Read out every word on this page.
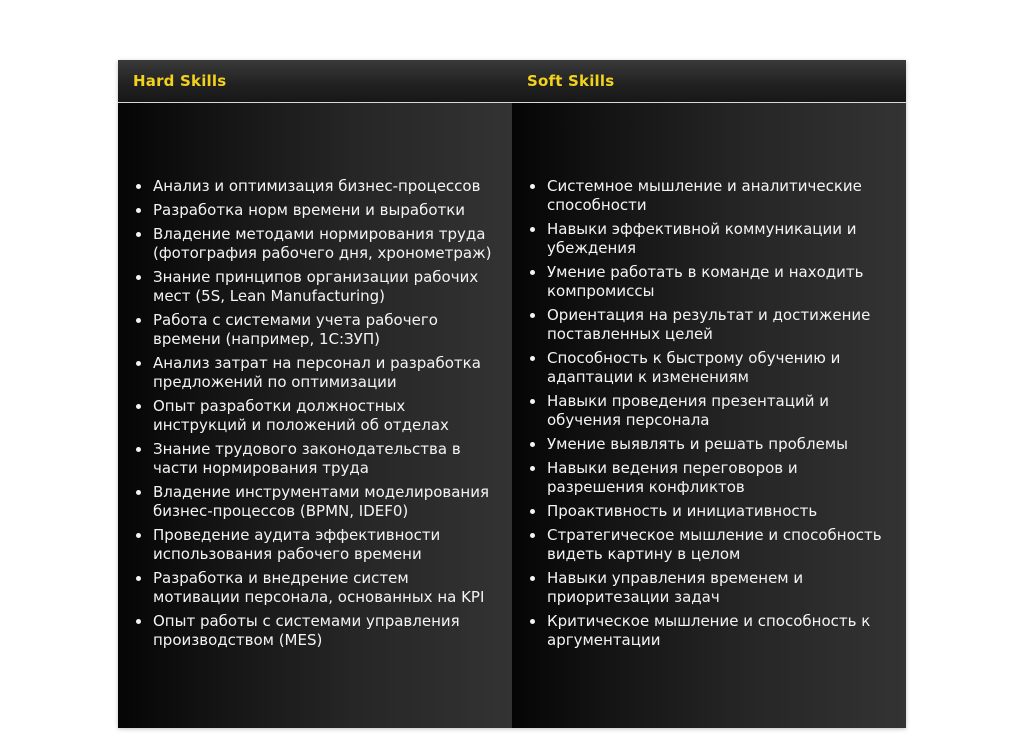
Hard Skills	Soft Skills
Анализ и оптимизация бизнес-процессов
Разработка норм времени и выработки
Владение методами нормирования труда (фотография рабочего дня, хронометраж)
Знание принципов организации рабочих мест (5S, Lean Manufacturing)
Работа с системами учета рабочего времени (например, 1С:ЗУП)
Анализ затрат на персонал и разработка предложений по оптимизации
Опыт разработки должностных инструкций и положений об отделах
Знание трудового законодательства в части нормирования труда
Владение инструментами моделирования бизнес-процессов (BPMN, IDEF0)
Проведение аудита эффективности использования рабочего времени
Разработка и внедрение систем мотивации персонала, основанных на KPI
Опыт работы с системами управления производством (MES)
Системное мышление и аналитические способности
Навыки эффективной коммуникации и убеждения
Умение работать в команде и находить компромиссы
Ориентация на результат и достижение поставленных целей
Способность к быстрому обучению и адаптации к изменениям
Навыки проведения презентаций и обучения персонала
Умение выявлять и решать проблемы
Навыки ведения переговоров и разрешения конфликтов
Проактивность и инициативность
Стратегическое мышление и способность видеть картину в целом
Навыки управления временем и приоритезации задач
Критическое мышление и способность к аргументации
